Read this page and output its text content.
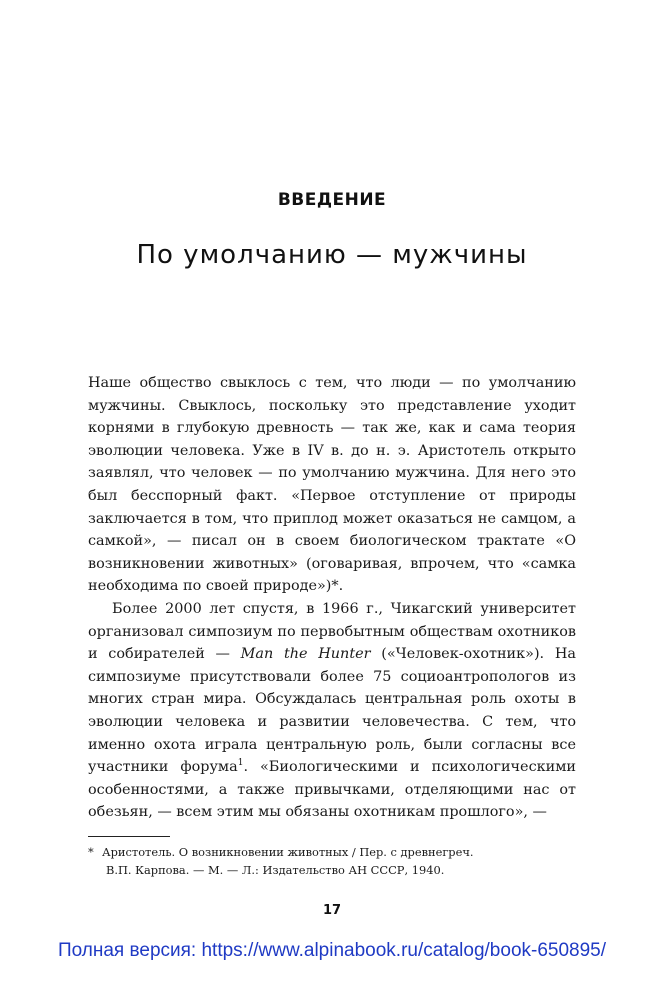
ВВЕДЕНИЕ
По умолчанию — мужчины

Наше общество свыклось с тем, что люди — по умолчанию мужчины. Свыклось, поскольку это представление уходит корнями в глубокую древность — так же, как и сама теория эволюции человека. Уже в IV в. до н. э. Аристотель открыто заявлял, что человек — по умолчанию мужчина. Для него это был бесспорный факт. «Первое отступление от природы заключается в том, что приплод может оказаться не самцом, а самкой», — писал он в своем биологическом трактате «О возникновении животных» (оговаривая, впрочем, что «самка необходима по своей природе»)*.

Более 2000 лет спустя, в 1966 г., Чикагский университет организовал симпозиум по первобытным обществам охотников и собирателей — Man the Hunter («Человек-охотник»). На симпозиуме присутствовали более 75 социоантропологов из многих стран мира. Обсуждалась центральная роль охоты в эволюции человека и развитии человечества. С тем, что именно охота играла центральную роль, были согласны все участники форума$^1$. «Биологическими и психологическими особенностями, а также привычками, отделяющими нас от обезьян, — всем этим мы обязаны охотникам прошлого», —

* Аристотель. О возникновении животных / Пер. с древнегреч.
В.П. Карпова. — М. — Л.: Издательство АН СССР, 1940.
17
Полная версия: https://www.alpinabook.ru/catalog/book-650895/
